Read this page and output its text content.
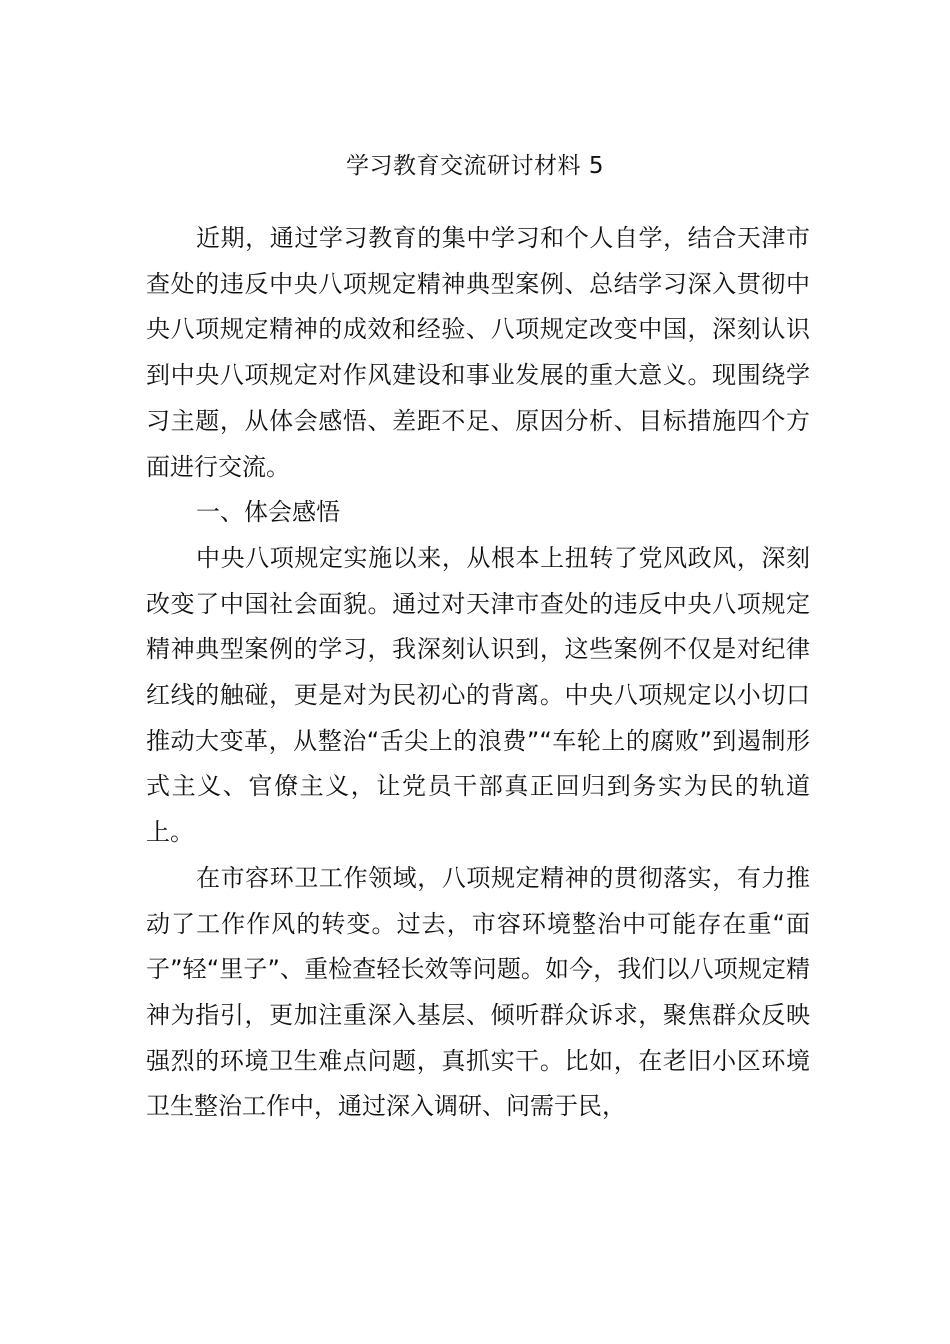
学习教育交流研讨材料 5

近期，通过学习教育的集中学习和个人自学，结合天津市查处的违反中央八项规定精神典型案例、总结学习深入贯彻中央八项规定精神的成效和经验、八项规定改变中国，深刻认识到中央八项规定对作风建设和事业发展的重大意义。现围绕学习主题，从体会感悟、差距不足、原因分析、目标措施四个方面进行交流。

一、体会感悟

中央八项规定实施以来，从根本上扭转了党风政风，深刻改变了中国社会面貌。通过对天津市查处的违反中央八项规定精神典型案例的学习，我深刻认识到，这些案例不仅是对纪律红线的触碰，更是对为民初心的背离。中央八项规定以小切口推动大变革，从整治“舌尖上的浪费”“车轮上的腐败”到遏制形式主义、官僚主义，让党员干部真正回归到务实为民的轨道上。

在市容环卫工作领域，八项规定精神的贯彻落实，有力推动了工作作风的转变。过去，市容环境整治中可能存在重“面子”轻“里子”、重检查轻长效等问题。如今，我们以八项规定精神为指引，更加注重深入基层、倾听群众诉求，聚焦群众反映强烈的环境卫生难点问题，真抓实干。比如，在老旧小区环境卫生整治工作中，通过深入调研、问需于民，
